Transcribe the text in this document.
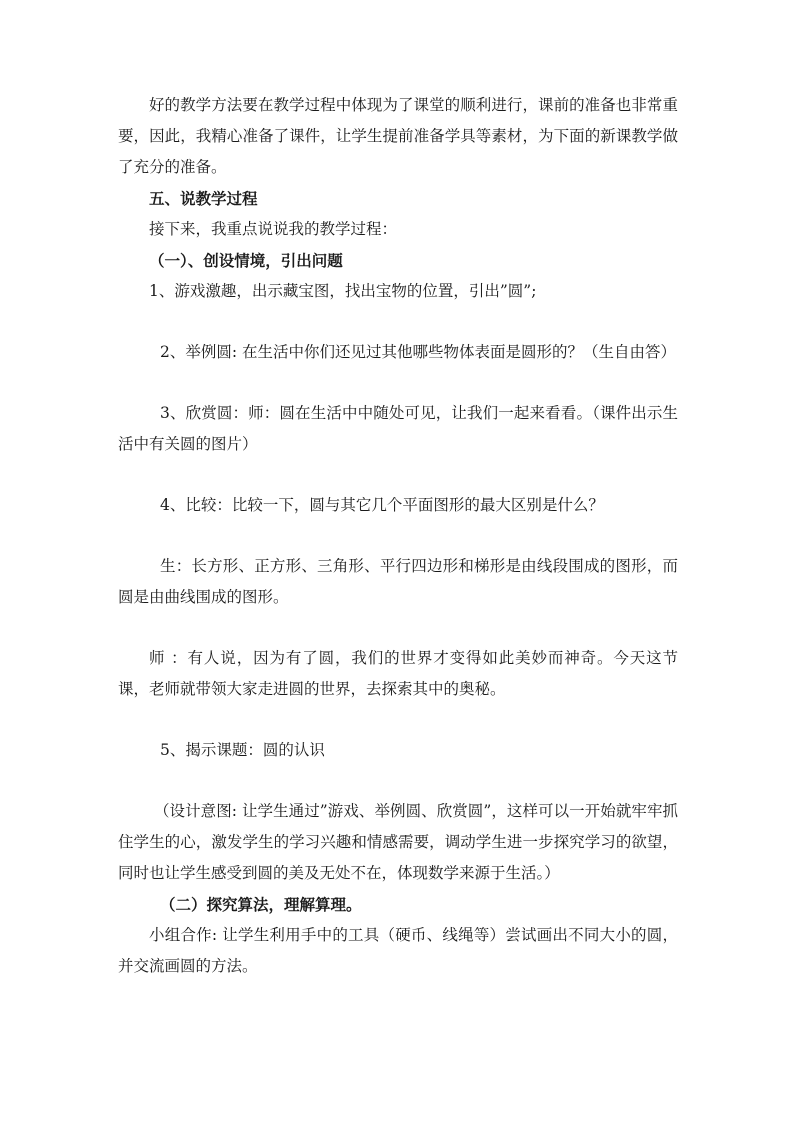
好的教学方法要在教学过程中体现为了课堂的顺利进行，课前的准备也非常重要，因此，我精心准备了课件，让学生提前准备学具等素材，为下面的新课教学做了充分的准备。

五、说教学过程

接下来，我重点说说我的教学过程：

（一）、创设情境，引出问题

1、游戏激趣，出示藏宝图，找出宝物的位置，引出”圆”;

2、举例圆: 在生活中你们还见过其他哪些物体表面是圆形的？（生自由答）

3、欣赏圆：师：圆在生活中中随处可见，让我们一起来看看。（课件出示生活中有关圆的图片）

4、比较：比较一下，圆与其它几个平面图形的最大区别是什么？

生：长方形、正方形、三角形、平行四边形和梯形是由线段围成的图形，而圆是由曲线围成的图形。

师 ：有人说，因为有了圆，我们的世界才变得如此美妙而神奇。今天这节课，老师就带领大家走进圆的世界，去探索其中的奥秘。

5、揭示课题：圆的认识

（设计意图: 让学生通过”游戏、举例圆、欣赏圆”，这样可以一开始就牢牢抓住学生的心，激发学生的学习兴趣和情感需要，调动学生进一步探究学习的欲望，同时也让学生感受到圆的美及无处不在，体现数学来源于生活。）

（二）探究算法，理解算理。

小组合作: 让学生利用手中的工具（硬币、线绳等）尝试画出不同大小的圆，并交流画圆的方法。
